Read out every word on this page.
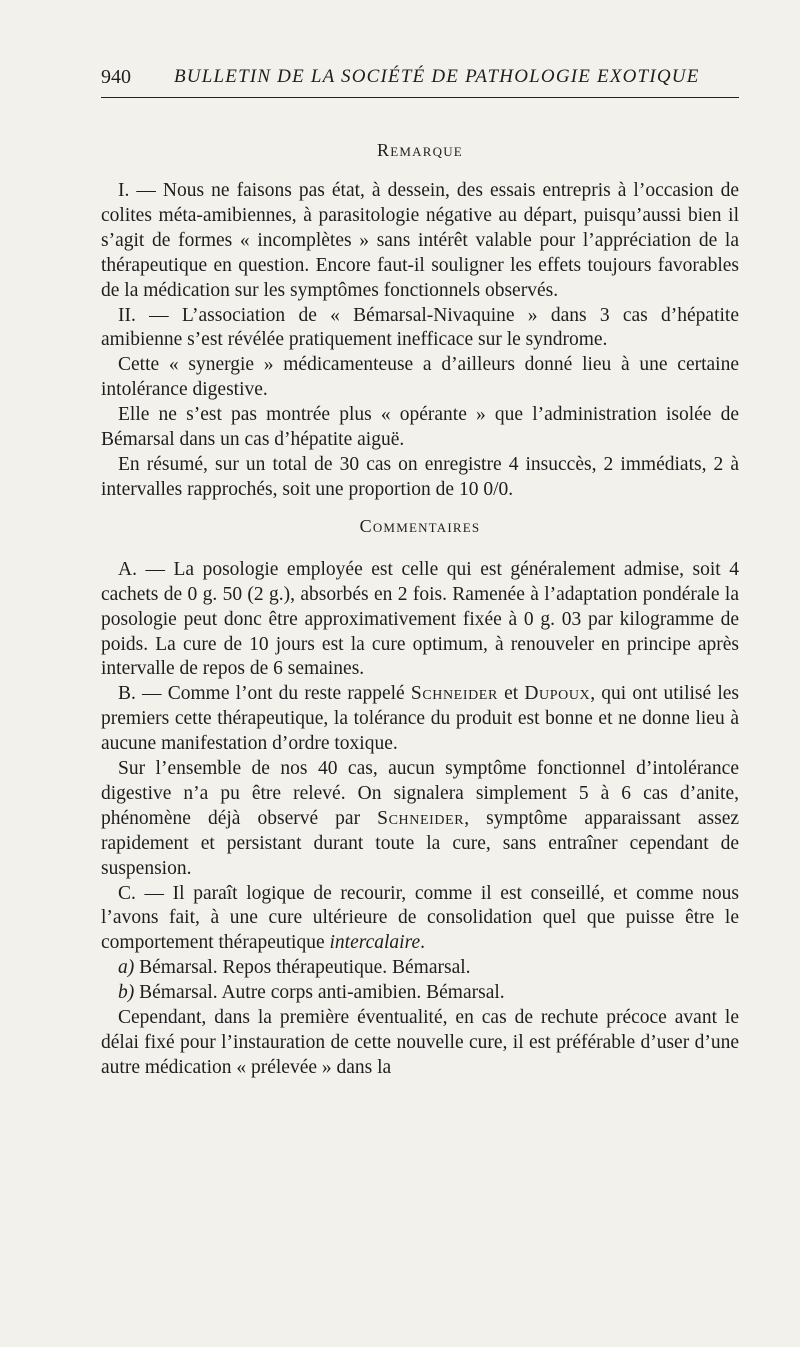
940 BULLETIN DE LA SOCIÉTÉ DE PATHOLOGIE EXOTIQUE
Remarque

I. — Nous ne faisons pas état, à dessein, des essais entrepris à l’occasion de colites méta-amibiennes, à parasitologie négative au départ, puisqu’aussi bien il s’agit de formes « incomplètes » sans intérêt valable pour l’appréciation de la thérapeutique en question. Encore faut-il souligner les effets toujours favorables de la médication sur les symptômes fonctionnels observés.

II. — L’association de « Bémarsal-Nivaquine » dans 3 cas d’hépatite amibienne s’est révélée pratiquement inefficace sur le syndrome.

Cette « synergie » médicamenteuse a d’ailleurs donné lieu à une certaine intolérance digestive.

Elle ne s’est pas montrée plus « opérante » que l’administration isolée de Bémarsal dans un cas d’hépatite aiguë.

En résumé, sur un total de 30 cas on enregistre 4 insuccès, 2 immédiats, 2 à intervalles rapprochés, soit une proportion de 10 0/0.

Commentaires

A. — La posologie employée est celle qui est généralement admise, soit 4 cachets de 0 g. 50 (2 g.), absorbés en 2 fois. Ramenée à l’adaptation pondérale la posologie peut donc être approximativement fixée à 0 g. 03 par kilogramme de poids. La cure de 10 jours est la cure optimum, à renouveler en principe après intervalle de repos de 6 semaines.

B. — Comme l’ont du reste rappelé Schneider et Dupoux, qui ont utilisé les premiers cette thérapeutique, la tolérance du produit est bonne et ne donne lieu à aucune manifestation d’ordre toxique.

Sur l’ensemble de nos 40 cas, aucun symptôme fonctionnel d’intolérance digestive n’a pu être relevé. On signalera simplement 5 à 6 cas d’anite, phénomène déjà observé par Schneider, symptôme apparaissant assez rapidement et persistant durant toute la cure, sans entraîner cependant de suspension.

C. — Il paraît logique de recourir, comme il est conseillé, et comme nous l’avons fait, à une cure ultérieure de consolidation quel que puisse être le comportement thérapeutique intercalaire.

a) Bémarsal. Repos thérapeutique. Bémarsal.

b) Bémarsal. Autre corps anti-amibien. Bémarsal.

Cependant, dans la première éventualité, en cas de rechute précoce avant le délai fixé pour l’instauration de cette nouvelle cure, il est préférable d’user d’une autre médication « prélevée » dans la
